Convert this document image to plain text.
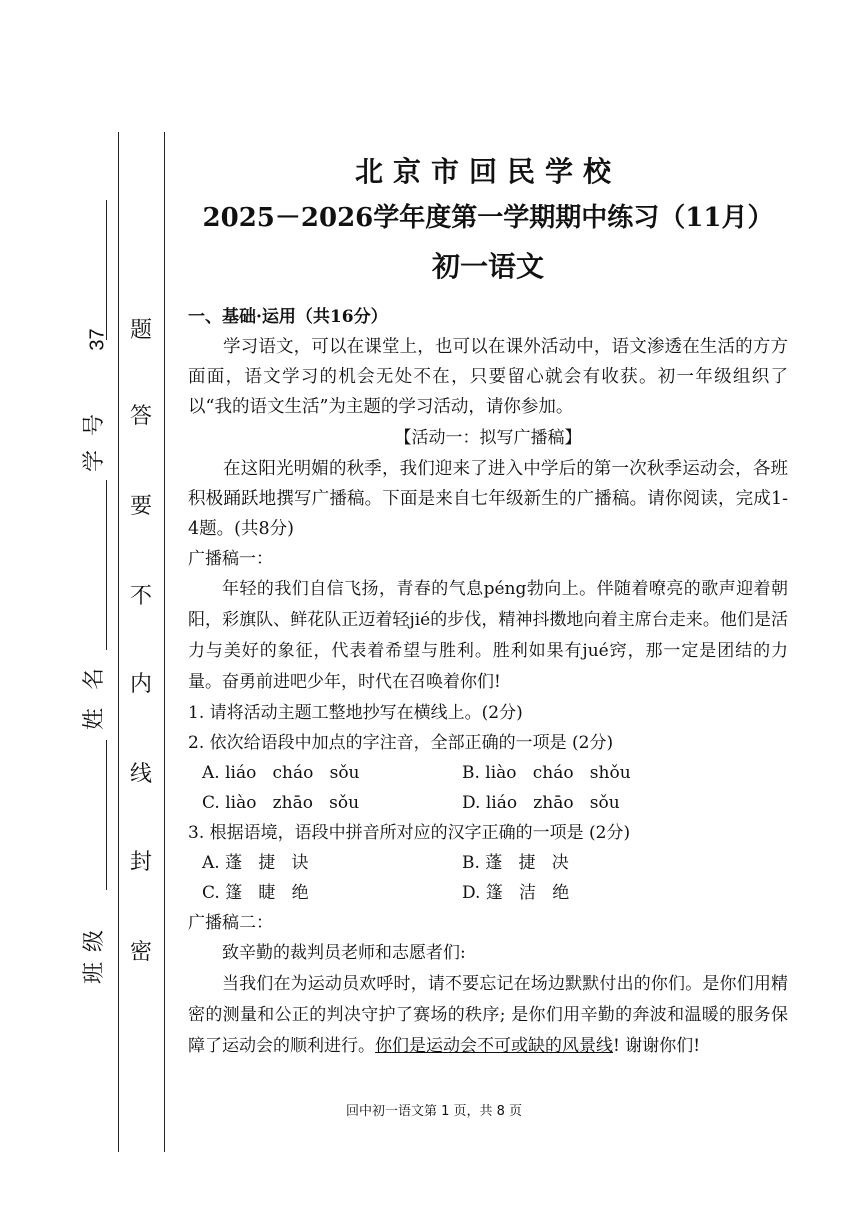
题
答
要
不
内
线
封
密
37
号
学
名
姓
级
班
北京市回民学校
2025－2026学年度第一学期期中练习（11月）
初一语文
一、基础·运用（共16分）

学习语文，可以在课堂上，也可以在课外活动中，语文渗透在生活的方方面面，语文学习的机会无处不在，只要留心就会有收获。初一年级组织了以“我的语文生活”为主题的学习活动，请你参加。

【活动一：拟写广播稿】

在这阳光明媚的秋季，我们迎来了进入中学后的第一次秋季运动会，各班积极踊跃地撰写广播稿。下面是来自七年级新生的广播稿。请你阅读，完成1-4题。(共8分)

广播稿一：

年轻的我们自信飞扬，青春的气息péng勃向上。伴随着嘹亮的歌声迎着朝阳，彩旗队、鲜花队正迈着轻jié的步伐，精神抖擞地向着主席台走来。他们是活力与美好的象征，代表着希望与胜利。胜利如果有jué窍，那一定是团结的力量。奋勇前进吧少年，时代在召唤着你们!

1. 请将活动主题工整地抄写在横线上。(2分)
2. 依次给语段中加点的字注音，全部正确的一项是 (2分)
A. liáo   cháo   sǒu	B. liào   cháo   shǒu
C. liào   zhāo   sǒu	D. liáo   zhāo   sǒu
3. 根据语境，语段中拼音所对应的汉字正确的一项是 (2分)
A. 蓬   捷   诀	B. 蓬   捷   决
C. 篷   睫   绝	D. 篷   洁   绝
广播稿二：

致辛勤的裁判员老师和志愿者们:

当我们在为运动员欢呼时，请不要忘记在场边默默付出的你们。是你们用精密的测量和公正的判决守护了赛场的秩序; 是你们用辛勤的奔波和温暖的服务保障了运动会的顺利进行。你们是运动会不可或缺的风景线! 谢谢你们!

回中初一语文第 1 页，共 8 页
